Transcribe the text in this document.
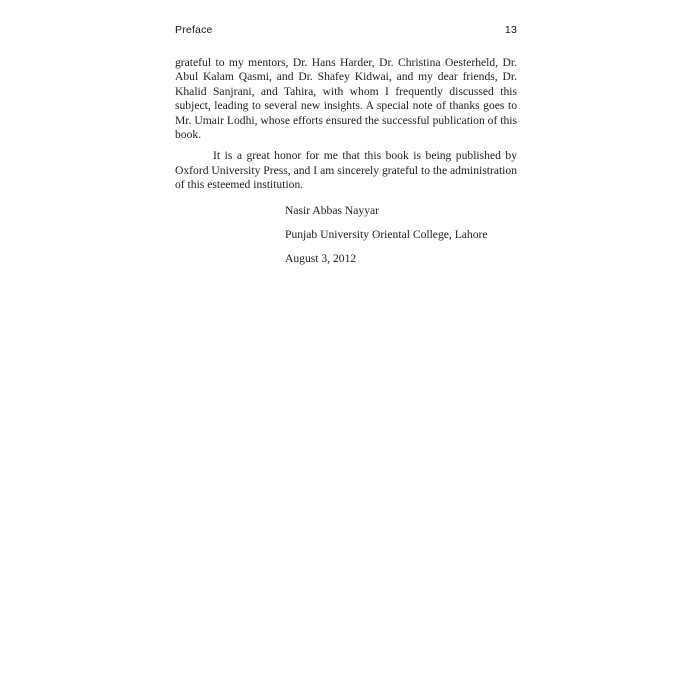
Preface	13

grateful to my mentors, Dr. Hans Harder, Dr. Christina Oesterheld, Dr. Abul Kalam Qasmi, and Dr. Shafey Kidwai, and my dear friends, Dr. Khalid Sanjrani, and Tahira, with whom I frequently discussed this subject, leading to several new insights. A special note of thanks goes to Mr. Umair Lodhi, whose efforts ensured the successful publication of this book.

It is a great honor for me that this book is being published by Oxford University Press, and I am sincerely grateful to the administration of this esteemed institution.

Nasir Abbas Nayyar
Punjab University Oriental College, Lahore
August 3, 2012
